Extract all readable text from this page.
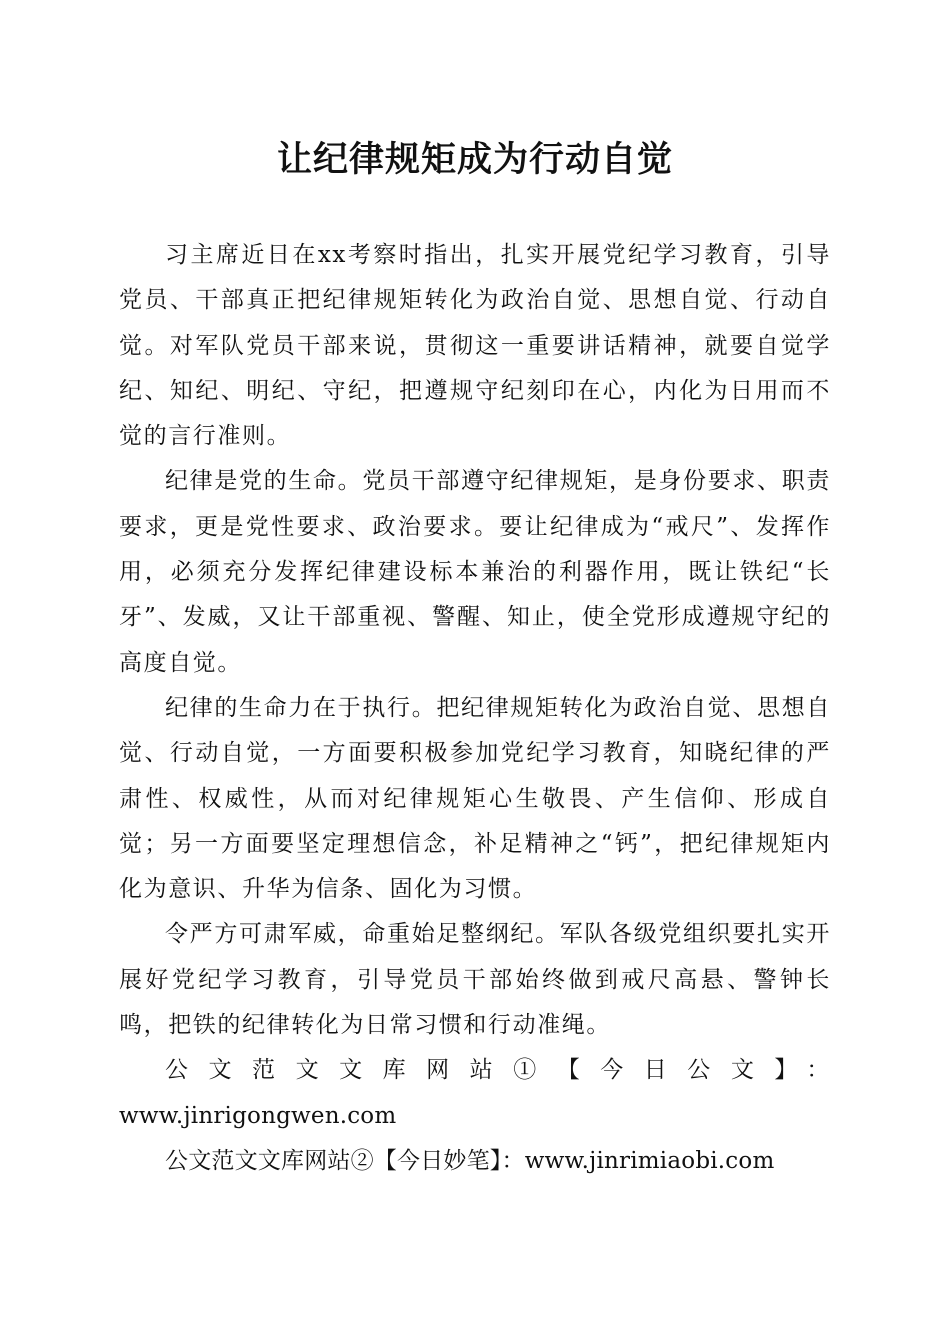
让纪律规矩成为行动自觉

习主席近日在xx考察时指出，扎实开展党纪学习教育，引导党员、干部真正把纪律规矩转化为政治自觉、思想自觉、行动自觉。对军队党员干部来说，贯彻这一重要讲话精神，就要自觉学纪、知纪、明纪、守纪，把遵规守纪刻印在心，内化为日用而不觉的言行准则。

纪律是党的生命。党员干部遵守纪律规矩，是身份要求、职责要求，更是党性要求、政治要求。要让纪律成为“戒尺”、发挥作用，必须充分发挥纪律建设标本兼治的利器作用，既让铁纪“长牙”、发威，又让干部重视、警醒、知止，使全党形成遵规守纪的高度自觉。

纪律的生命力在于执行。把纪律规矩转化为政治自觉、思想自觉、行动自觉，一方面要积极参加党纪学习教育，知晓纪律的严肃性、权威性，从而对纪律规矩心生敬畏、产生信仰、形成自觉；另一方面要坚定理想信念，补足精神之“钙”，把纪律规矩内化为意识、升华为信条、固化为习惯。

令严方可肃军威，命重始足整纲纪。军队各级党组织要扎实开展好党纪学习教育，引导党员干部始终做到戒尺高悬、警钟长鸣，把铁的纪律转化为日常习惯和行动准绳。

公文范文文库网站①【今日公文】：

www.jinrigongwen.com

公文范文文库网站②【今日妙笔】：www.jinrimiaobi.com
